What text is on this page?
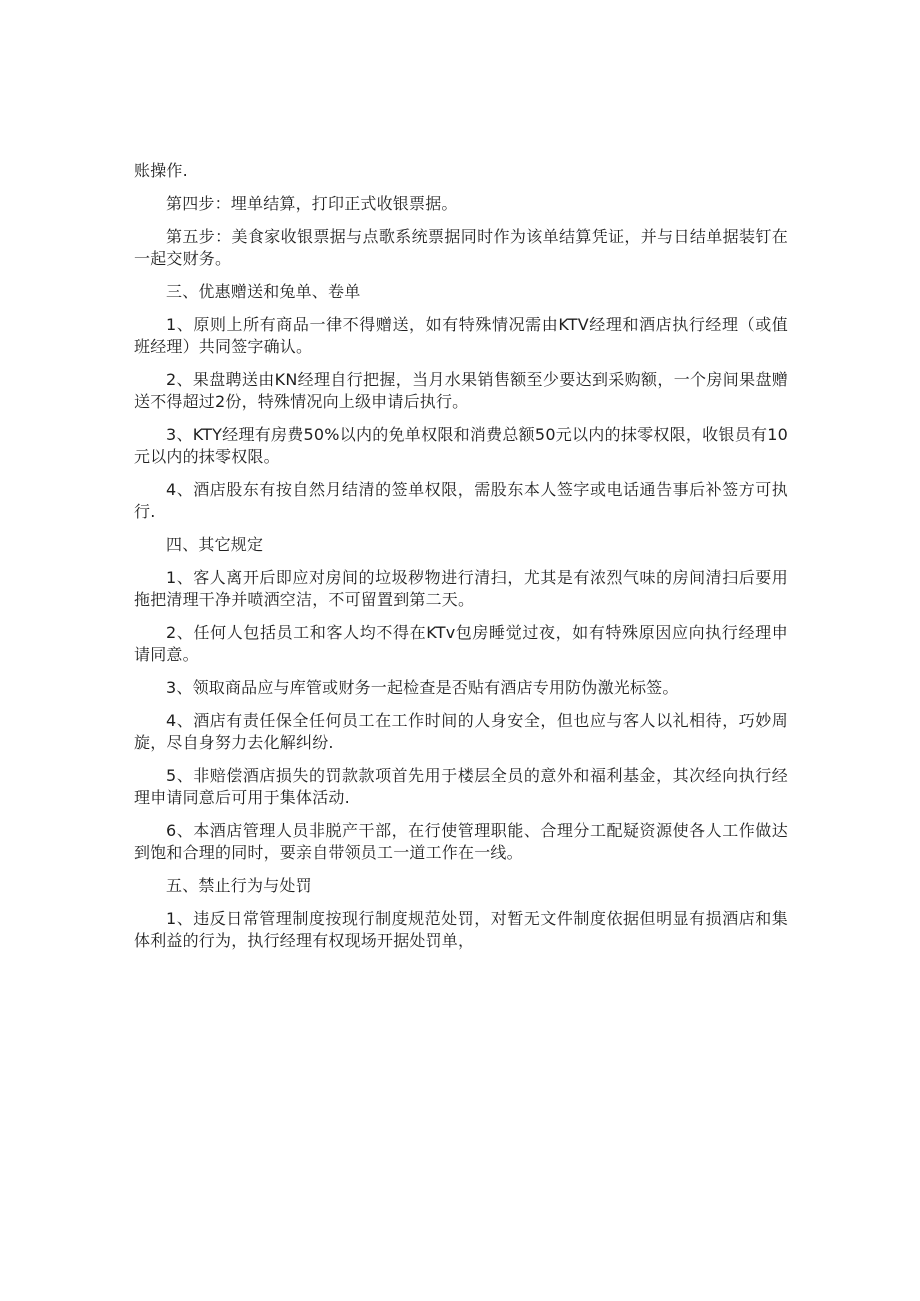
账操作.

第四步：埋单结算，打印正式收银票据。

第五步：美食家收银票据与点歌系统票据同时作为该单结算凭证，并与日结单据装钉在一起交财务。

三、优惠赠送和兔单、卷单

1、原则上所有商品一律不得赠送，如有特殊情况需由KTV经理和酒店执行经理（或值班经理）共同签字确认。

2、果盘聘送由KN经理自行把握，当月水果销售额至少要达到采购额，一个房间果盘赠送不得超过2份，特殊情况向上级申请后执行。

3、KTY经理有房费50%以内的免单权限和消费总额50元以内的抹零权限，收银员有10元以内的抹零权限。

4、酒店股东有按自然月结清的签单权限，需股东本人签字或电话通告事后补签方可执行.

四、其它规定

1、客人离开后即应对房间的垃圾秽物进行清扫，尤其是有浓烈气味的房间清扫后要用拖把清理干净并喷洒空洁，不可留置到第二天。

2、任何人包括员工和客人均不得在KTv包房睡觉过夜，如有特殊原因应向执行经理申请同意。

3、领取商品应与库管或财务一起检查是否贴有酒店专用防伪激光标签。

4、酒店有责任保全任何员工在工作时间的人身安全，但也应与客人以礼相待，巧妙周旋，尽自身努力去化解纠纷.

5、非赔偿酒店损失的罚款款项首先用于楼层全员的意外和福利基金，其次经向执行经理申请同意后可用于集体活动.

6、本酒店管理人员非脱产干部，在行使管理职能、合理分工配疑资源使各人工作做达到饱和合理的同时，要亲自带领员工一道工作在一线。

五、禁止行为与处罚

1、违反日常管理制度按现行制度规范处罚，对暂无文件制度依据但明显有损酒店和集体利益的行为，执行经理有权现场开据处罚单，
